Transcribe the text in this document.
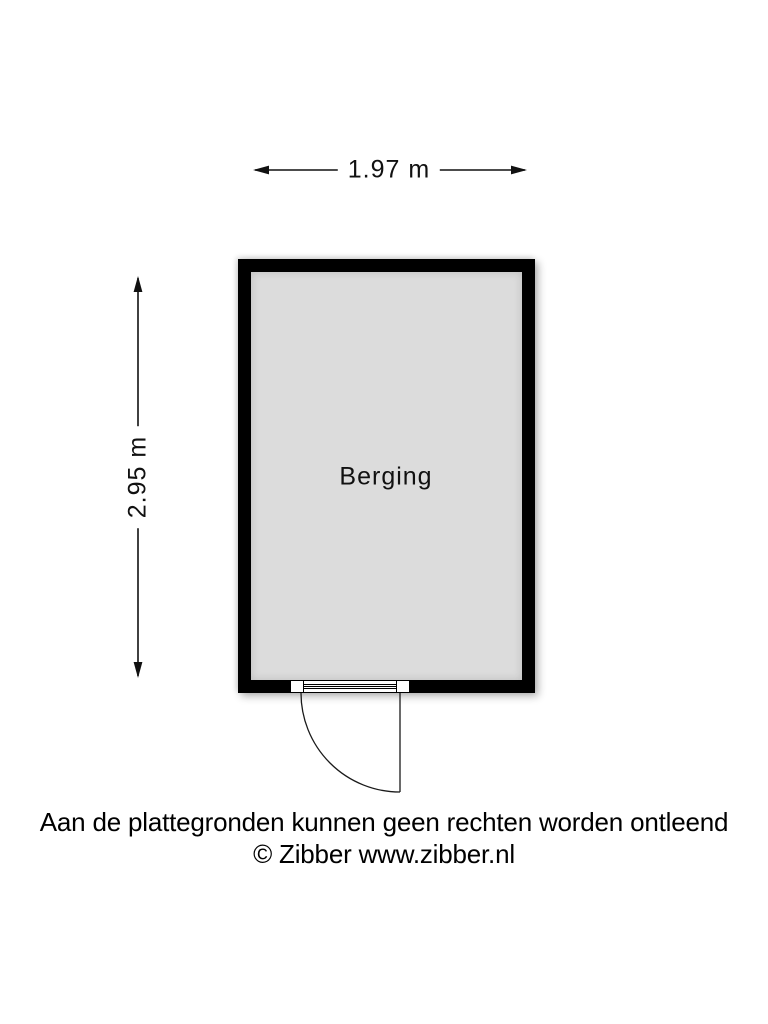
1.97 m
2.95 m	Berging
Aan de plattegronden kunnen geen rechten worden ontleend
© Zibber www.zibber.nl
